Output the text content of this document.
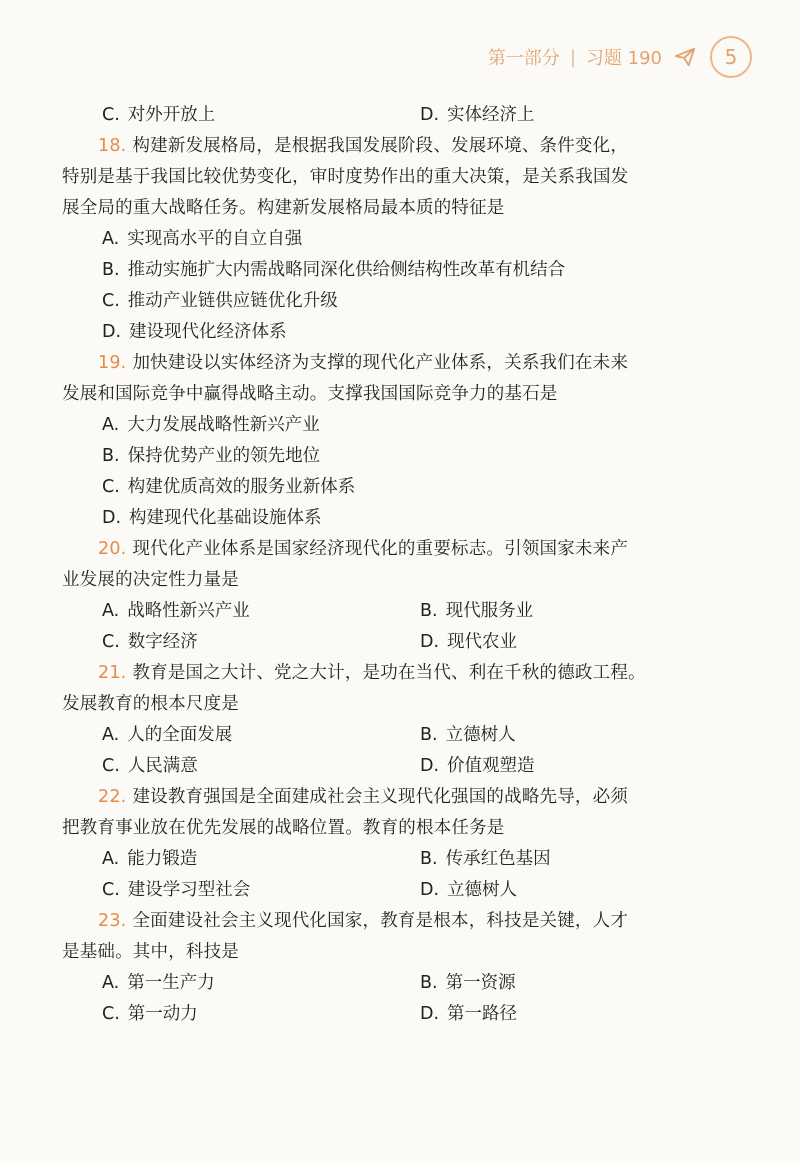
第一部分 | 习题 190	5
C. 对外开放上	D. 实体经济上
18. 构建新发展格局，是根据我国发展阶段、发展环境、条件变化，
特别是基于我国比较优势变化，审时度势作出的重大决策，是关系我国发
展全局的重大战略任务。构建新发展格局最本质的特征是
A. 实现高水平的自立自强
B. 推动实施扩大内需战略同深化供给侧结构性改革有机结合
C. 推动产业链供应链优化升级
D. 建设现代化经济体系
19. 加快建设以实体经济为支撑的现代化产业体系，关系我们在未来
发展和国际竞争中赢得战略主动。支撑我国国际竞争力的基石是
A. 大力发展战略性新兴产业
B. 保持优势产业的领先地位
C. 构建优质高效的服务业新体系
D. 构建现代化基础设施体系
20. 现代化产业体系是国家经济现代化的重要标志。引领国家未来产
业发展的决定性力量是
A. 战略性新兴产业	B. 现代服务业
C. 数字经济	D. 现代农业
21. 教育是国之大计、党之大计，是功在当代、利在千秋的德政工程。
发展教育的根本尺度是
A. 人的全面发展	B. 立德树人
C. 人民满意	D. 价值观塑造
22. 建设教育强国是全面建成社会主义现代化强国的战略先导，必须
把教育事业放在优先发展的战略位置。教育的根本任务是
A. 能力锻造	B. 传承红色基因
C. 建设学习型社会	D. 立德树人
23. 全面建设社会主义现代化国家，教育是根本，科技是关键，人才
是基础。其中，科技是
A. 第一生产力	B. 第一资源
C. 第一动力	D. 第一路径
